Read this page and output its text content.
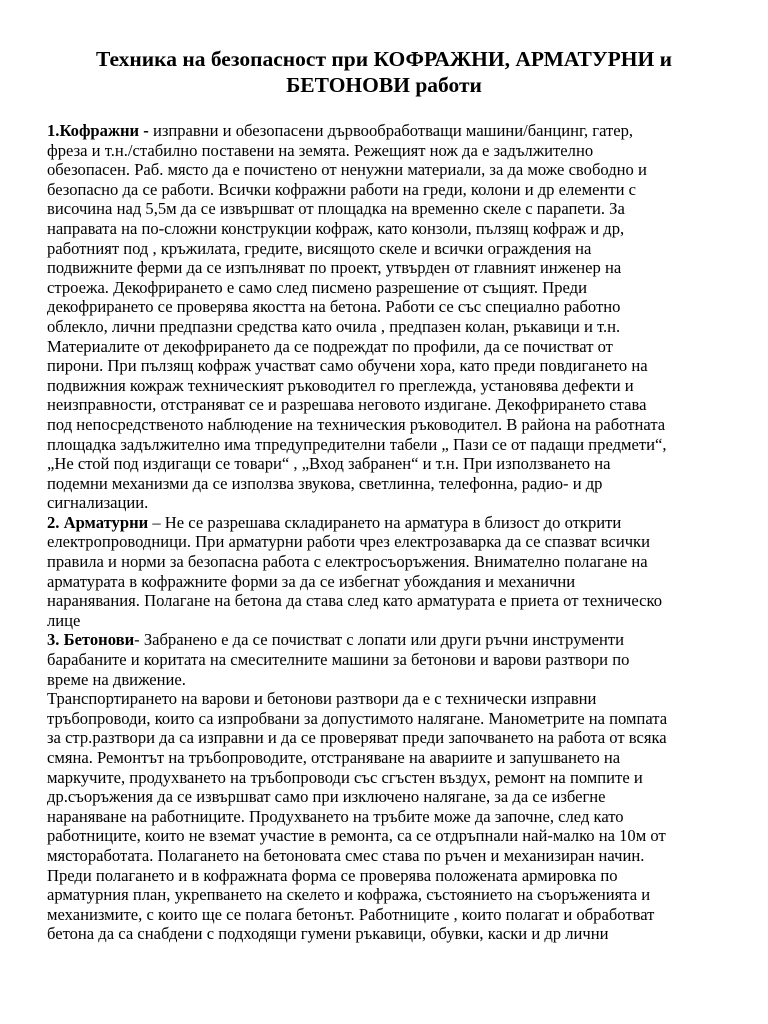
Техника на безопасност при КОФРАЖНИ, АРМАТУРНИ и
БЕТОНОВИ работи
1.Кофражни - изправни и обезопасени дървообработващи машини/банцинг, гатер,
фреза и т.н./стабилно поставени на земята. Режещият нож да е задължително
обезопасен. Раб. място да е почистено от ненужни материали, за да може свободно и
безопасно да се работи. Всички кофражни работи на греди, колони и др елементи с
височина над 5,5м да се извършват от площадка на временно скеле с парапети. За
направата на по-сложни конструкции кофраж, като конзоли, пълзящ кофраж и др,
работният под , кръжилата, гредите, висящото скеле и всички ограждения на
подвижните ферми да се изпълняват по проект, утвърден от главният инженер на
строежа. Декофрирането е само след писмено разрешение от същият. Преди
декофрирането се проверява якостта на бетона. Работи се със специално работно
облекло, лични предпазни средства като очила , предпазен колан, ръкавици и т.н.
Материалите от декофрирането да се подреждат по профили, да се почистват от
пирони. При пълзящ кофраж участват само обучени хора, като преди повдигането на
подвижния кожраж техническият ръководител го преглежда, установява дефекти и
неизправности, отстраняват се и разрешава неговото издигане. Декофрирането става
под непосредственото наблюдение на техническия ръководител. В района на работната
площадка задължително има тпредупредителни табели „ Пази се от падащи предмети“,
„Не стой под издигащи се товари“ , „Вход забранен“ и т.н. При използването на
подемни механизми да се използва звукова, светлинна, телефонна, радио- и др
сигнализации.
2. Арматурни – Не се разрешава складирането на арматура в близост до открити
електропроводници. При арматурни работи чрез електрозаварка да се спазват всички
правила и норми за безопасна работа с електросъоръжения. Внимателно полагане на
арматурата в кофражните форми за да се избегнат убождания и механични
наранявания. Полагане на бетона да става след като арматурата е приета от техническо
лице
3. Бетонови- Забранено е да се почистват с лопати или други ръчни инструменти
барабаните и коритата на смесителните машини за бетонови и варови разтвори по
време на движение.
Транспортирането на варови и бетонови разтвори да е с технически изправни
тръбопроводи, които са изпробвани за допустимото налягане. Манометрите на помпата
за стр.разтвори да са изправни и да се проверяват преди започването на работа от всяка
смяна. Ремонтът на тръбопроводите, отстраняване на авариите и запушването на
маркучите, продухването на тръбопроводи със сгъстен въздух, ремонт на помпите и
др.съоръжения да се извършват само при изключено налягане, за да се избегне
нараняване на работниците. Продухването на тръбите може да започне, след като
работниците, които не вземат участие в ремонта, са се отдръпнали най-малко на 10м от
мястоработата. Полагането на бетоновата смес става по ръчен и механизиран начин.
Преди полагането и в кофражната форма се проверява положената армировка по
арматурния план, укрепването на скелето и кофража, състоянието на съоръженията и
механизмите, с които ще се полага бетонът. Работниците , които полагат и обработват
бетона да са снабдени с подходящи гумени ръкавици, обувки, каски и др лични
